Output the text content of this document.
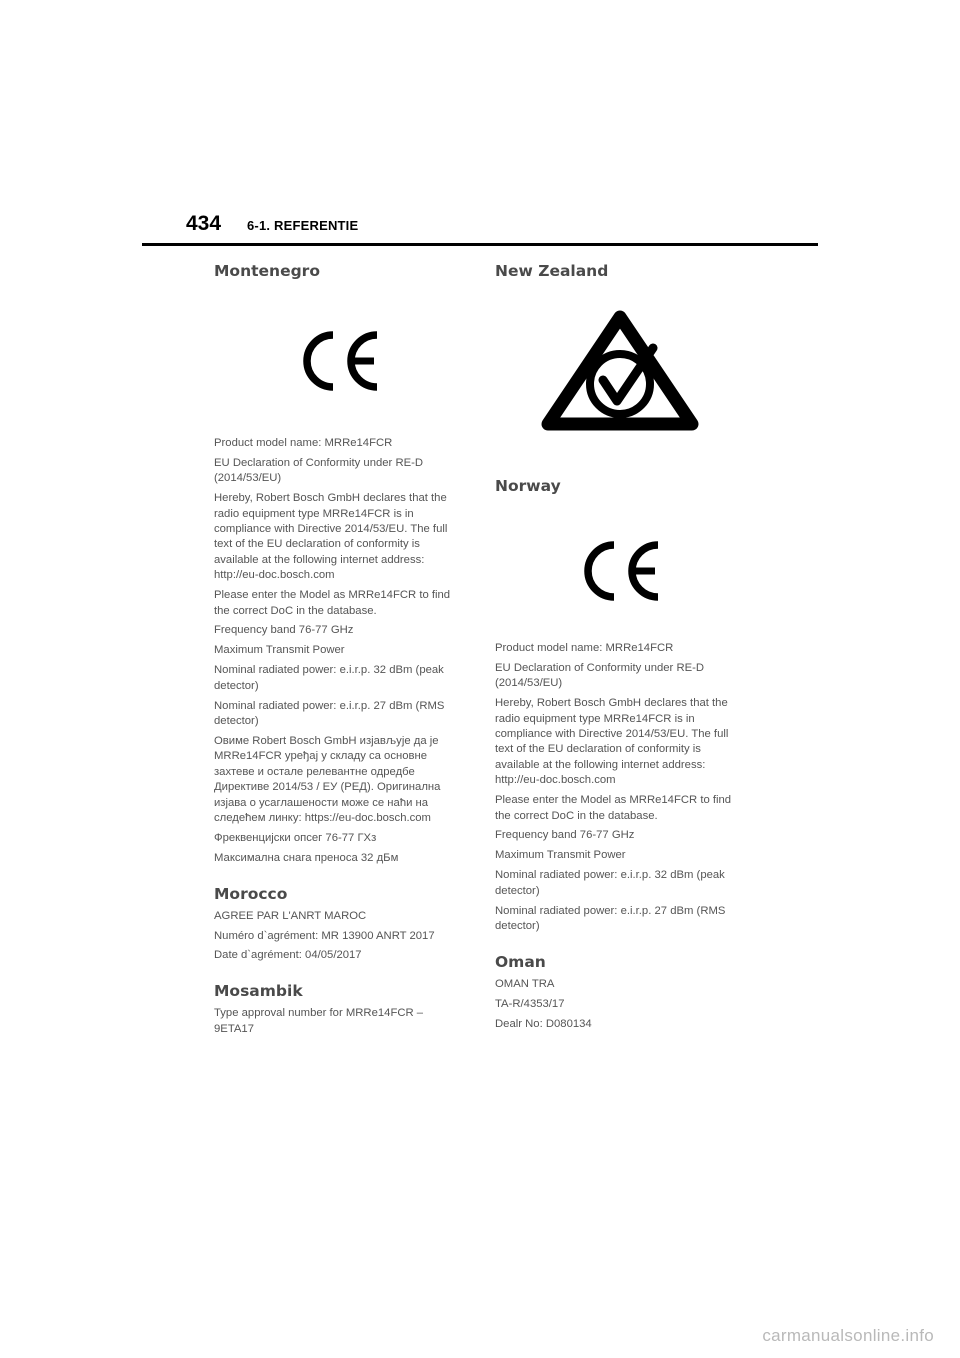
434 6-1. REFERENTIE
Montenegro

Product model name: MRRe14FCR

EU Declaration of Conformity under RE-D (2014/53/EU)

Hereby, Robert Bosch GmbH declares that the radio equipment type MRRe14FCR is in compliance with Directive 2014/53/EU. The full text of the EU declaration of conformity is available at the following internet address: http://eu-doc.bosch.com

Please enter the Model as MRRe14FCR to find the correct DoC in the database.

Frequency band 76-77 GHz

Maximum Transmit Power

Nominal radiated power: e.i.r.p. 32 dBm (peak detector)

Nominal radiated power: e.i.r.p. 27 dBm (RMS detector)

Овиме Robert Bosch GmbH изјављује да је MRRe14FCR уређај у складу са основне захтеве и остале релевантне одредбе Директиве 2014/53 / ЕУ (РЕД). Оригинална изјава о усаглашености може се наћи на следећем линку: https://eu-doc.bosch.com

Фреквенцијски опсег 76-77 ГХз

Максимална снага преноса 32 дБм

Morocco

AGREE PAR L'ANRT MAROC

Numéro d`agrément: MR 13900 ANRT 2017

Date d`agrément: 04/05/2017

Mosambik

Type approval number for MRRe14FCR – 9ETA17

New Zealand
Norway

Product model name: MRRe14FCR

EU Declaration of Conformity under RE-D (2014/53/EU)

Hereby, Robert Bosch GmbH declares that the radio equipment type MRRe14FCR is in compliance with Directive 2014/53/EU. The full text of the EU declaration of conformity is available at the following internet address: http://eu-doc.bosch.com

Please enter the Model as MRRe14FCR to find the correct DoC in the database.

Frequency band 76-77 GHz

Maximum Transmit Power

Nominal radiated power: e.i.r.p. 32 dBm (peak detector)

Nominal radiated power: e.i.r.p. 27 dBm (RMS detector)

Oman

OMAN TRA

TA-R/4353/17

Dealr No: D080134

carmanualsonline.info
